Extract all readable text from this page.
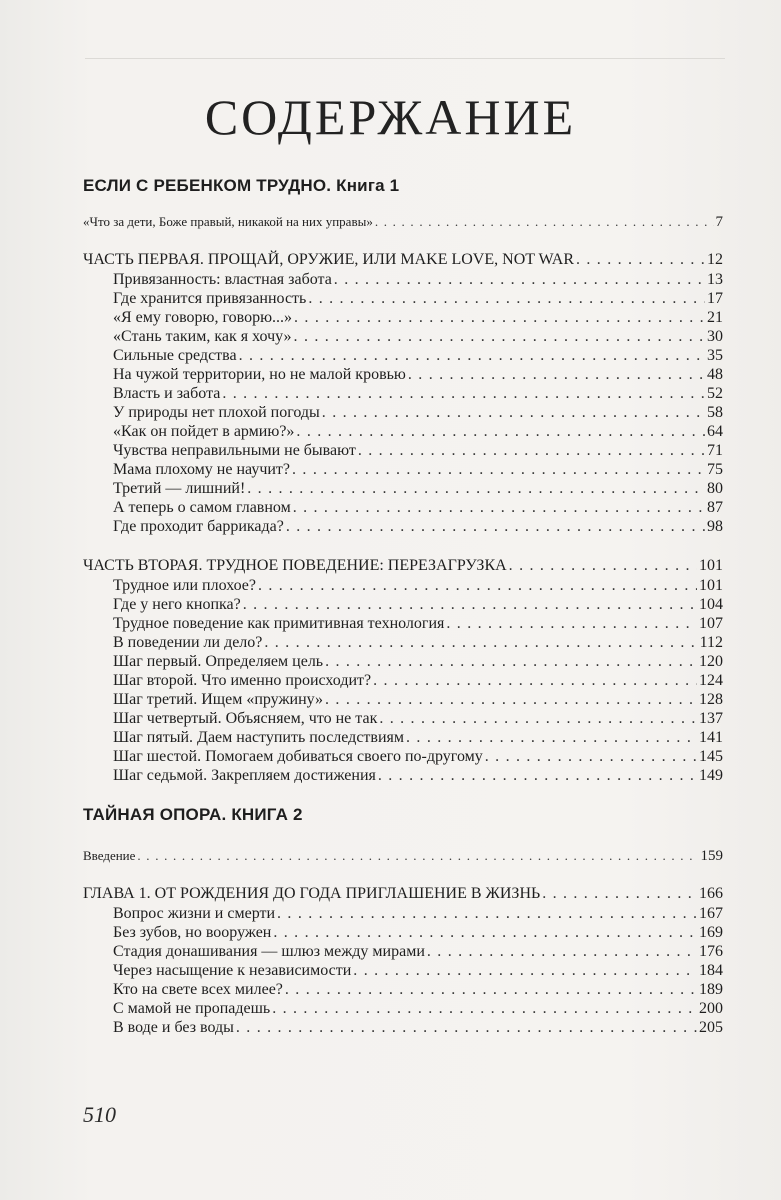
СОДЕРЖАНИЕ
ЕСЛИ С РЕБЕНКОМ ТРУДНО. Книга 1
«Что за дети, Боже правый, никакой на них управы» . . .	7
ЧАСТЬ ПЕРВАЯ. ПРОЩАЙ, ОРУЖИЕ, ИЛИ MAKE LOVE, NOT WAR . . .	12
Привязанность: властная забота . . .	13
Где хранится привязанность . . .	17
«Я ему говорю, говорю...» . . .	21
«Стань таким, как я хочу» . . .	30
Сильные средства . . .	35
На чужой территории, но не малой кровью . . .	48
Власть и забота . . .	52
У природы нет плохой погоды . . .	58
«Как он пойдет в армию?» . . .	64
Чувства неправильными не бывают . . .	71
Мама плохому не научит? . . .	75
Третий — лишний! . . .	80
А теперь о самом главном . . .	87
Где проходит баррикада? . . .	98
ЧАСТЬ ВТОРАЯ. ТРУДНОЕ ПОВЕДЕНИЕ: ПЕРЕЗАГРУЗКА . . .	101
Трудное или плохое? . . .	101
Где у него кнопка? . . .	104
Трудное поведение как примитивная технология . . .	107
В поведении ли дело? . . .	112
Шаг первый. Определяем цель . . .	120
Шаг второй. Что именно происходит? . . .	124
Шаг третий. Ищем «пружину» . . .	128
Шаг четвертый. Объясняем, что не так . . .	137
Шаг пятый. Даем наступить последствиям . . .	141
Шаг шестой. Помогаем добиваться своего по-другому . . .	145
Шаг седьмой. Закрепляем достижения . . .	149
ТАЙНАЯ ОПОРА. КНИГА 2
Введение . . .	159
ГЛАВА 1. ОТ РОЖДЕНИЯ ДО ГОДА ПРИГЛАШЕНИЕ В ЖИЗНЬ . . .	166
Вопрос жизни и смерти . . .	167
Без зубов, но вооружен . . .	169
Стадия донашивания — шлюз между мирами . . .	176
Через насыщение к независимости . . .	184
Кто на свете всех милее? . . .	189
С мамой не пропадешь . . .	200
В воде и без воды . . .	205
510
